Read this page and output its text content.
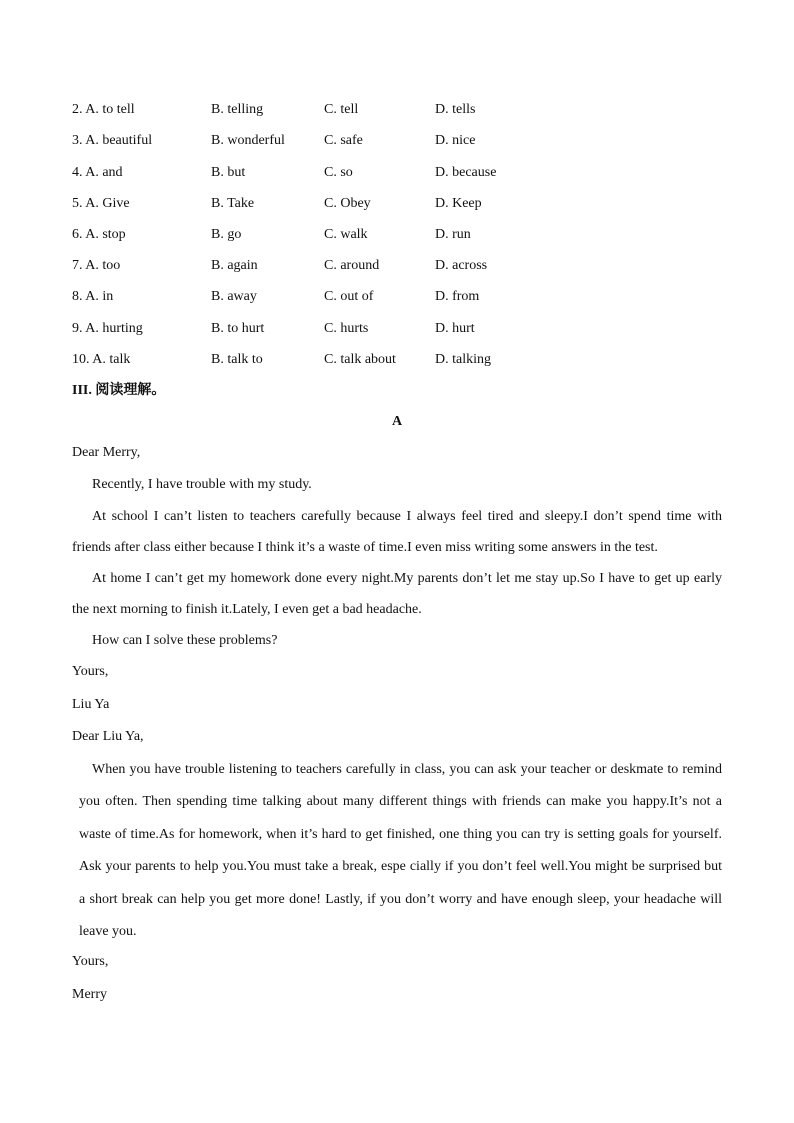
2. A. to tell	B. telling	C. tell	D. tells
3. A. beautiful	B. wonderful	C. safe	D. nice
4. A. and	B. but	C. so	D. because
5. A. Give	B. Take	C. Obey	D. Keep
6. A. stop	B. go	C. walk	D. run
7. A. too	B. again	C. around	D. across
8. A. in	B. away	C. out of	D. from
9. A. hurting	B. to hurt	C. hurts	D. hurt
10. A. talk	B. talk to	C. talk about	D. talking
III. 阅读理解。
A
Dear Merry,
Recently, I have trouble with my study.
At school I can’t listen to teachers carefully because I always feel tired and sleepy.I don’t spend time with friends after class either because I think it’s a waste of time.I even miss writing some answers in the test.
At home I can’t get my homework done every night.My parents don’t let me stay up.So I have to get up early the next morning to finish it.Lately, I even get a bad headache.
How can I solve these problems?
Yours,
Liu Ya
Dear Liu Ya,
When you have trouble listening to teachers carefully in class, you can ask your teacher or deskmate to remind you often. Then spending time talking about many different things with friends can make you happy.It’s not a waste of time.As for homework, when it’s hard to get finished, one thing you can try is setting goals for yourself. Ask your parents to help you.You must take a break, espe cially if you don’t feel well.You might be surprised but a short break can help you get more done! Lastly, if you don’t worry and have enough sleep, your headache will leave you.
Yours,
Merry
